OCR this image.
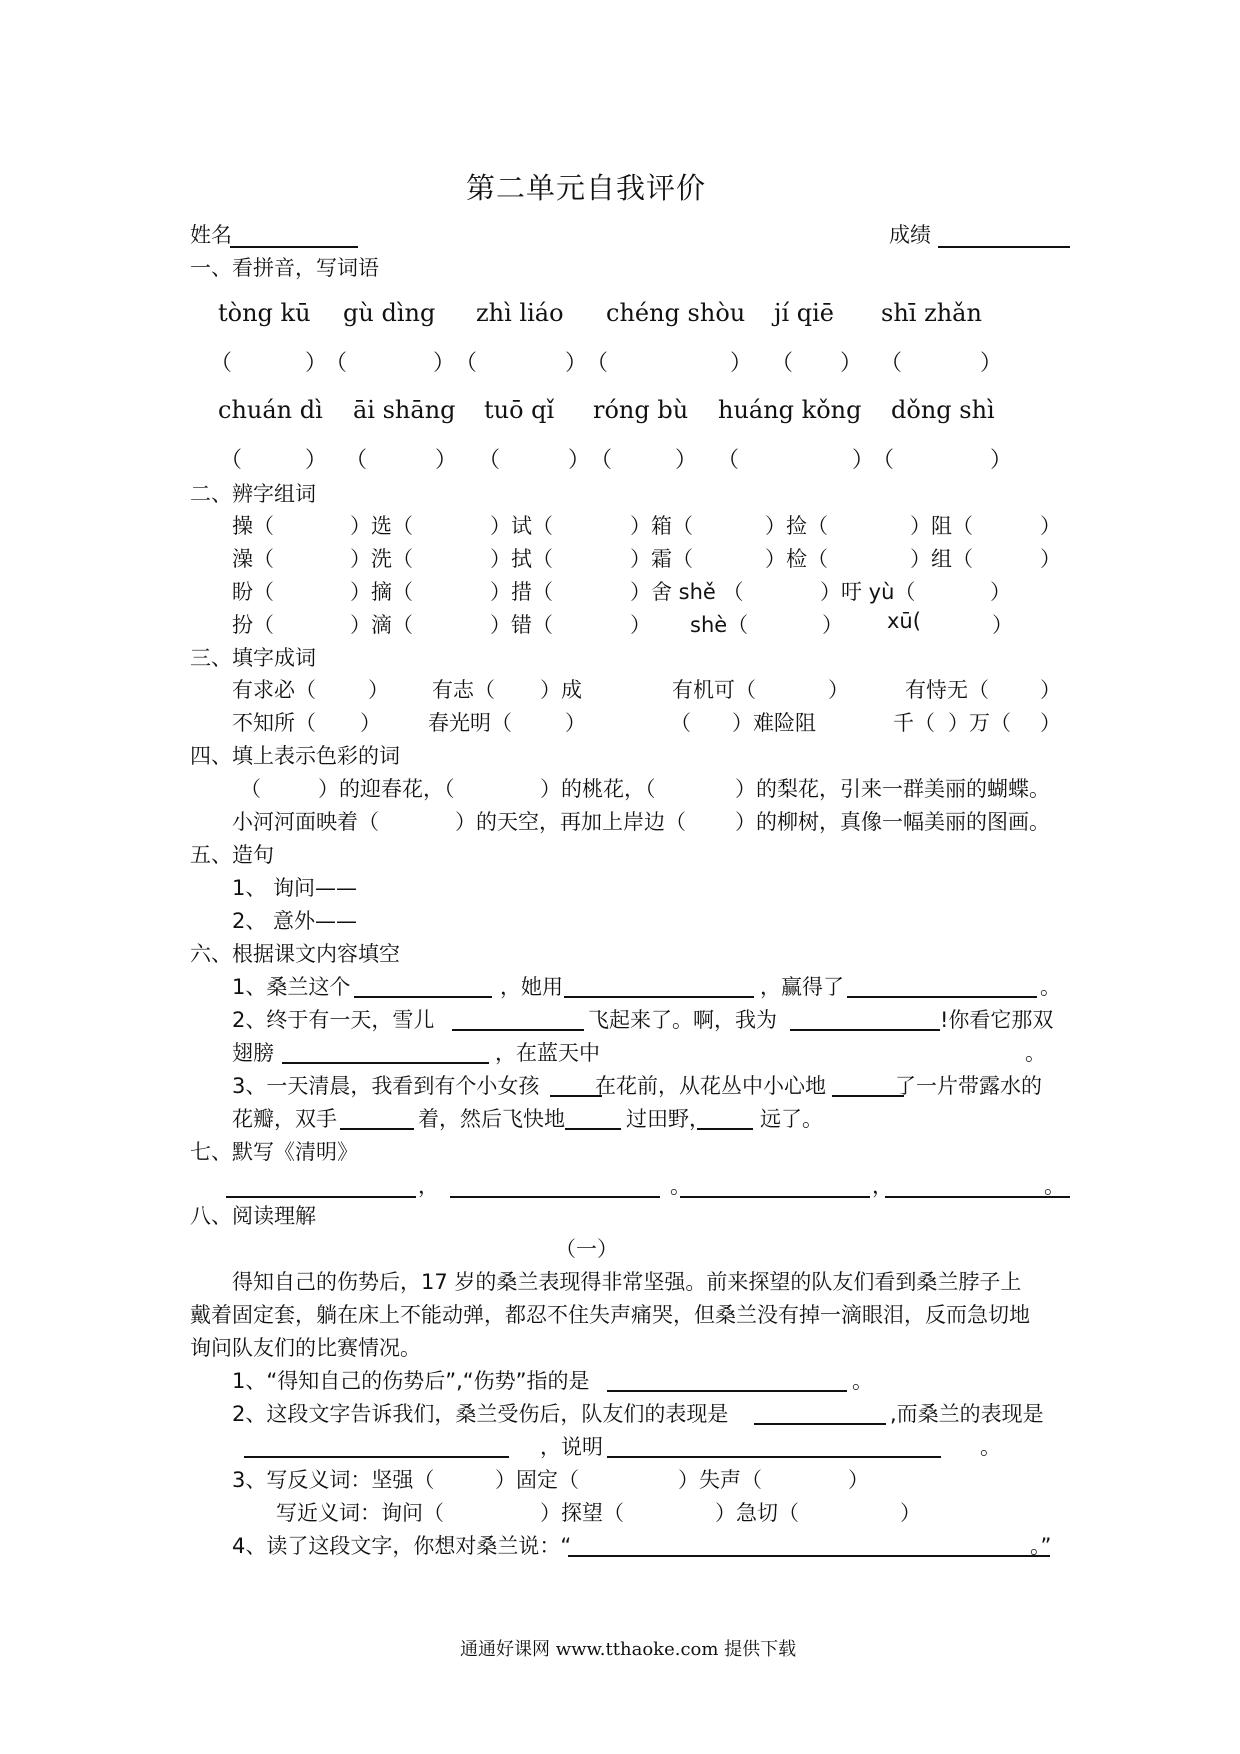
第二单元自我评价
姓名	成绩
一、看拼音，写词语
tòng kū gù dìng zhì liáo chéng shòu jí qiē shī zhǎn
（	）
（	） （	）
（	） （ ） （	）
chuán dì āi shāng tuō qǐ róng bù huáng kǒng dǒng shì
（	） （	） （	） （	） （	）
（	）
二、辨字组词
操（	）选（	）试（	）箱（	）捡（	）阻（	）
澡（	）洗（	）拭（	）霜（	）检（	）组（	）
盼（	）摘（	）措（	）舍 shě （	）吁 yù（	）
扮（	）滴（	）错（	） shè（	） xū(	）
三、填字成词
有求必（ ） 有志（ ）成	有机可（	）	有恃无（ ）
不知所（ ） 春光明（	）	（ ）难险阻	千（ ）万（ ）
四、填上表示色彩的词
（	）的迎春花，（	）的桃花，（	）的梨花，引来一群美丽的蝴蝶。
小河河面映着（	）的天空，再加上岸边（ ）的柳树，真像一幅美丽的图画。
五、造句
1、 询问——
2、 意外——
六、根据课文内容填空
1、桑兰这个	，她用	，赢得了	。
2、终于有一天，雪儿	飞起来了。啊，我为	!你看它那双
翅膀	，在蓝天中	。
3、一天清晨，我看到有个小女孩	在花前，从花丛中小心地	了一片带露水的
花瓣，双手	着，然后飞快地	过田野， 远了。
七、默写《清明》
，	。	，	。
八、阅读理解
（一）
得知自己的伤势后，17 岁的桑兰表现得非常坚强。前来探望的队友们看到桑兰脖子上
戴着固定套，躺在床上不能动弹，都忍不住失声痛哭，但桑兰没有掉一滴眼泪，反而急切地
询问队友们的比赛情况。
1、“得知自己的伤势后”,“伤势”指的是	。
2、这段文字告诉我们，桑兰受伤后，队友们的表现是	,而桑兰的表现是
，说明	。
3、写反义词：坚强（	）固定（	）失声（	）
写近义词：询问（	）探望（	）急切（	）
4、读了这段文字，你想对桑兰说：“	。”
通通好课网 www.tthaoke.com 提供下载
